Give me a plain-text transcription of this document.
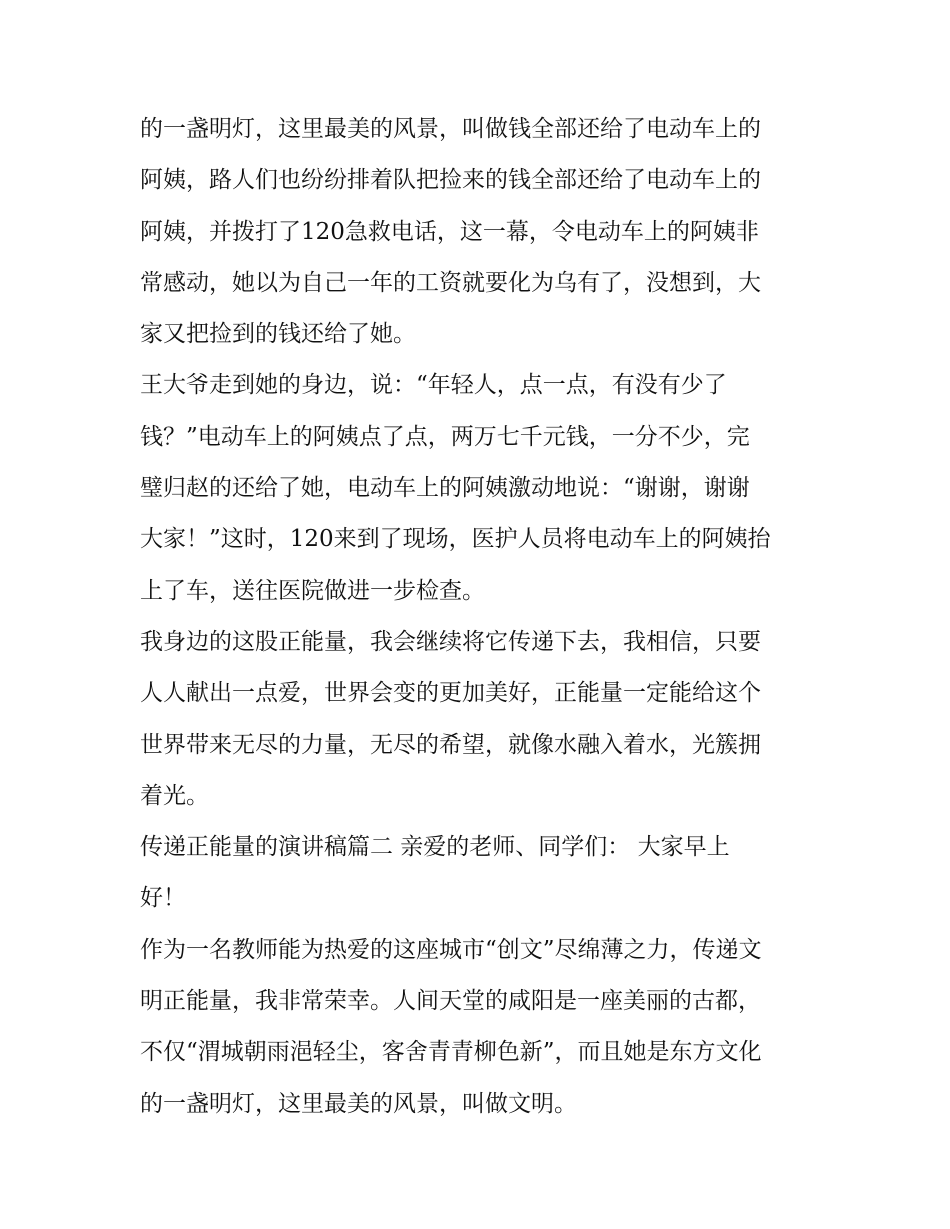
的一盏明灯，这里最美的风景，叫做钱全部还给了电动车上的
阿姨，路人们也纷纷排着队把捡来的钱全部还给了电动车上的
阿姨，并拨打了120急救电话，这一幕，令电动车上的阿姨非
常感动，她以为自己一年的工资就要化为乌有了，没想到，大
家又把捡到的钱还给了她。
王大爷走到她的身边，说：“年轻人，点一点，有没有少了
钱？”电动车上的阿姨点了点，两万七千元钱，一分不少，完
璧归赵的还给了她，电动车上的阿姨激动地说：“谢谢，谢谢
大家！”这时，120来到了现场，医护人员将电动车上的阿姨抬
上了车，送往医院做进一步检查。
我身边的这股正能量，我会继续将它传递下去，我相信，只要
人人献出一点爱，世界会变的更加美好，正能量一定能给这个
世界带来无尽的力量，无尽的希望，就像水融入着水，光簇拥
着光。
传递正能量的演讲稿篇二 亲爱的老师、同学们： 大家早上
好！
作为一名教师能为热爱的这座城市“创文”尽绵薄之力，传递文
明正能量，我非常荣幸。人间天堂的咸阳是一座美丽的古都，
不仅“渭城朝雨浥轻尘，客舍青青柳色新”，而且她是东方文化
的一盏明灯，这里最美的风景，叫做文明。
